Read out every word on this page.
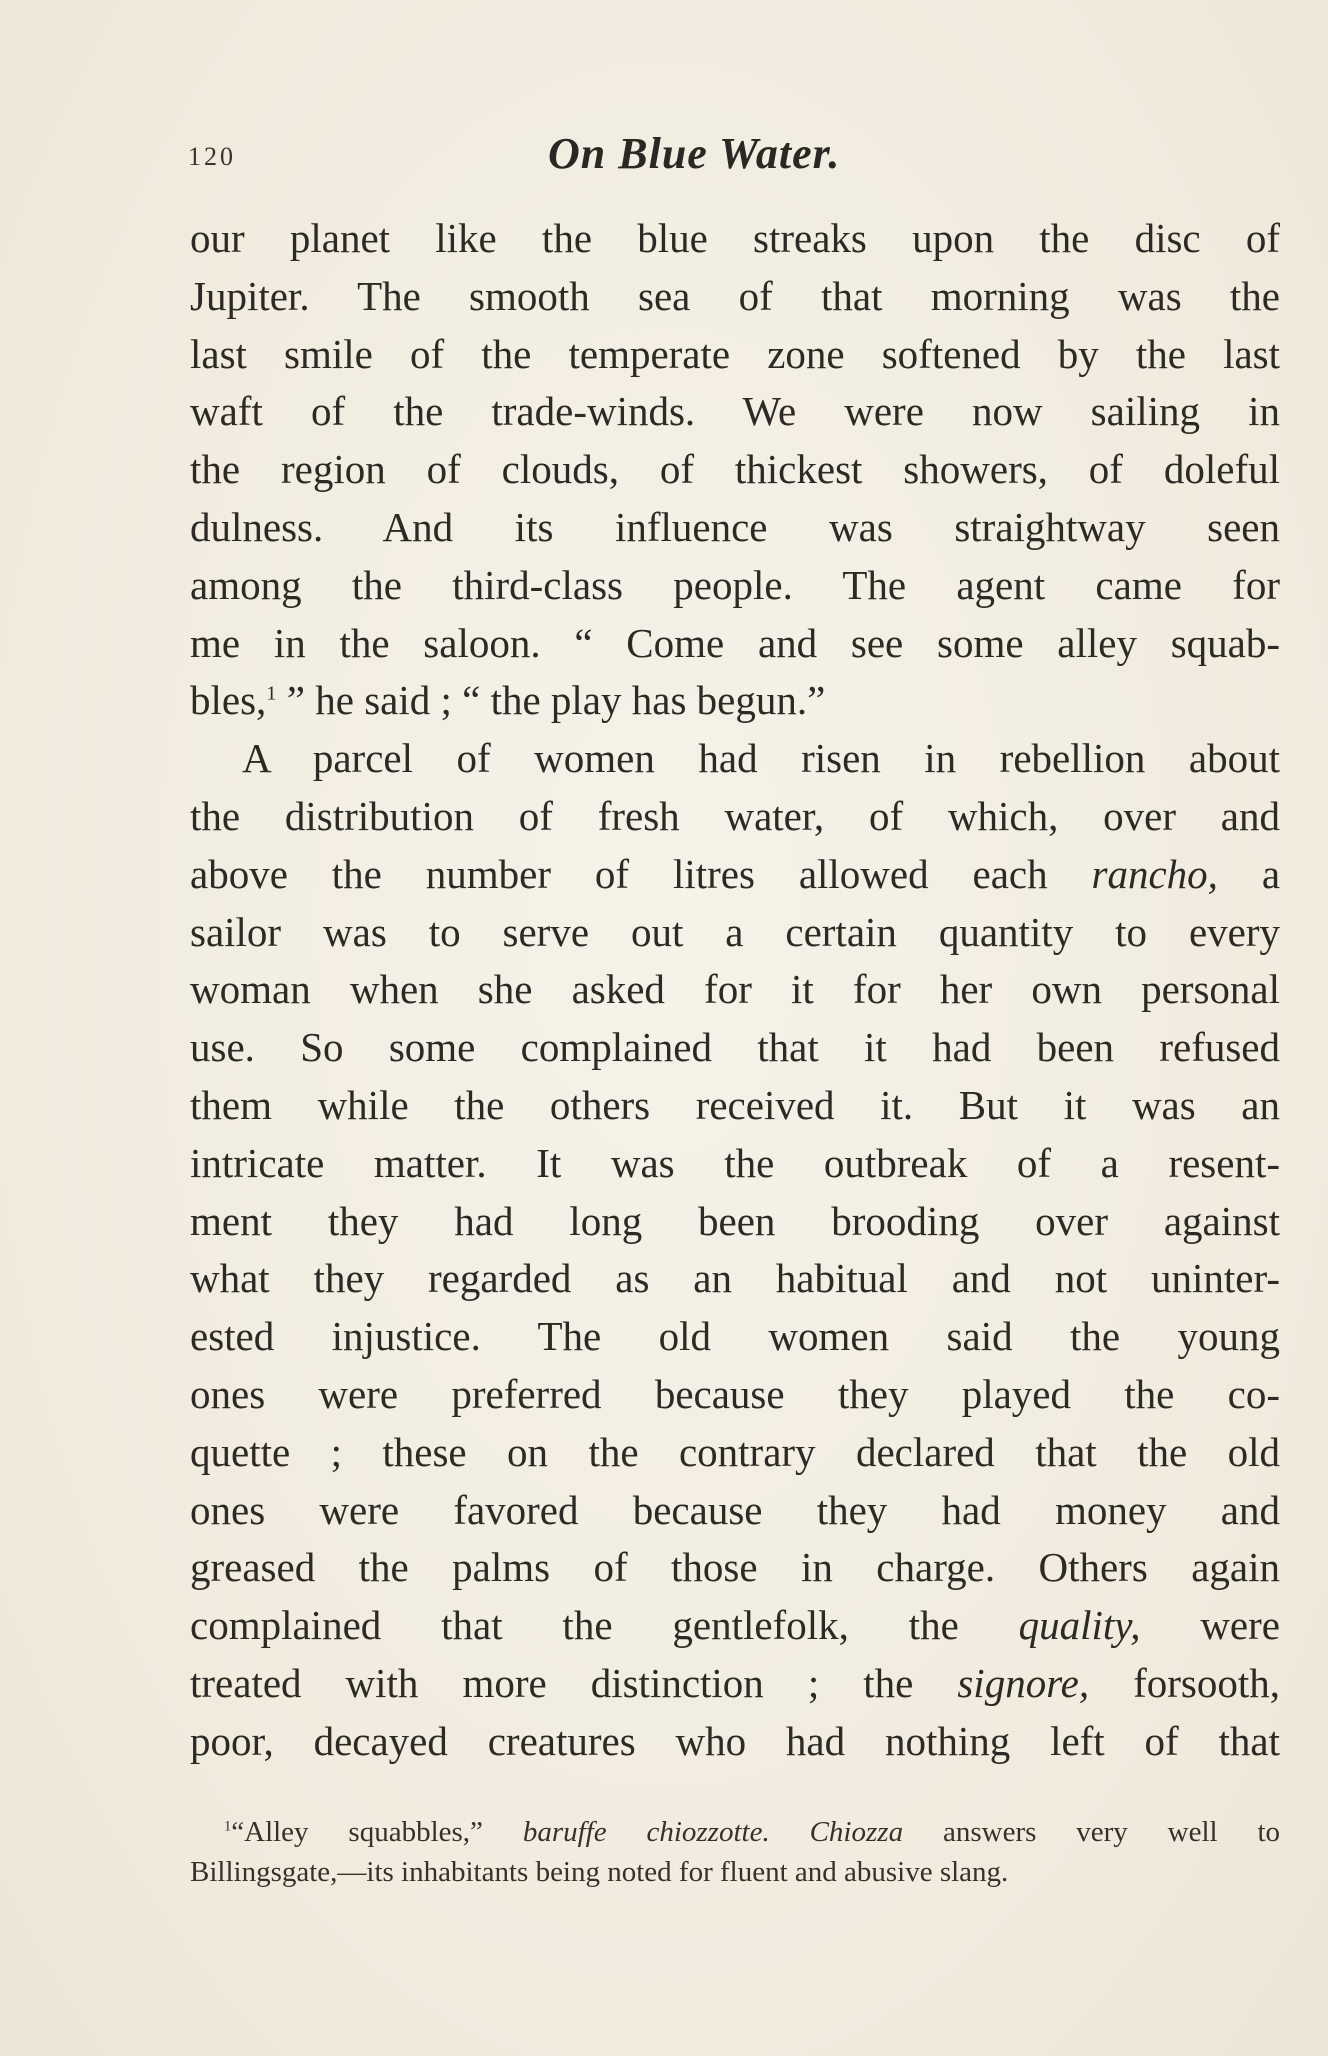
120	On Blue Water.
our planet like the blue streaks upon the disc of
Jupiter. The smooth sea of that morning was the
last smile of the temperate zone softened by the last
waft of the trade-winds. We were now sailing in
the region of clouds, of thickest showers, of doleful
dulness. And its influence was straightway seen
among the third-class people. The agent came for
me in the saloon. “ Come and see some alley squab-
bles,$^1$ ” he said ; “ the play has begun.”
A parcel of women had risen in rebellion about
the distribution of fresh water, of which, over and
above the number of litres allowed each rancho, a
sailor was to serve out a certain quantity to every
woman when she asked for it for her own personal
use. So some complained that it had been refused
them while the others received it. But it was an
intricate matter. It was the outbreak of a resent-
ment they had long been brooding over against
what they regarded as an habitual and not uninter-
ested injustice. The old women said the young
ones were preferred because they played the co-
quette ; these on the contrary declared that the old
ones were favored because they had money and
greased the palms of those in charge. Others again
complained that the gentlefolk, the quality, were
treated with more distinction ; the signore, forsooth,
poor, decayed creatures who had nothing left of that
$^1$“Alley squabbles,” baruffe chiozzotte. Chiozza answers very well to
Billingsgate,—its inhabitants being noted for fluent and abusive slang.
